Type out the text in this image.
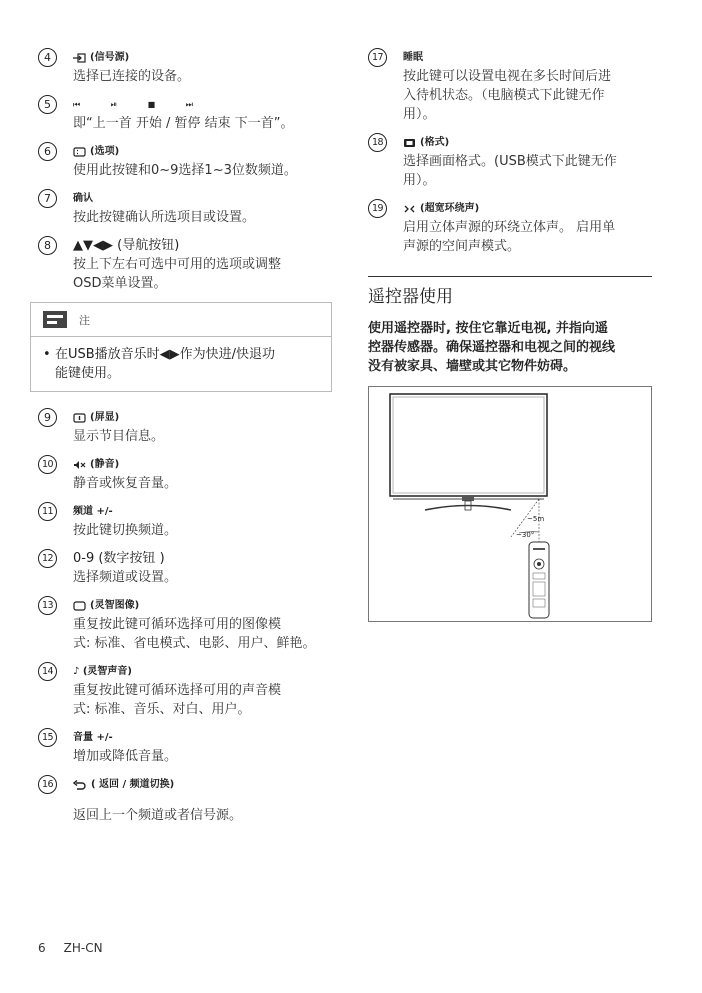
4	(信号源)
选择已连接的设备。
5	⏮ ⏯ ■ ⏭
即“上一首 开始 / 暂停 结束 下一首”。
6	(选项)
使用此按键和0~9选择1~3位数频道。
7	确认
按此按键确认所选项目或设置。
8	▲▼◀▶ (导航按钮)
按上下左右可选中可用的选项或调整
OSD菜单设置。
注
• 在USB播放音乐时◀▶作为快进/快退功
能键使用。
9	(屏显)
显示节目信息。
10	(静音)
静音或恢复音量。
11	频道 +/-
按此键切换频道。
12	0-9 (数字按钮 )
选择频道或设置。
13	(灵智图像)
重复按此键可循环选择可用的图像模
式: 标准、省电模式、电影、用户、鲜艳。
14	♪ (灵智声音)
重复按此键可循环选择可用的声音模
式: 标准、音乐、对白、用户。
15	音量 +/-
增加或降低音量。
16	( 返回 / 频道切换)
返回上一个频道或者信号源。
17	睡眠
按此键可以设置电视在多长时间后进
入待机状态。（电脑模式下此键无作
用）。
18	(格式)
选择画面格式。(USB模式下此键无作
用）。
19	(超宽环绕声)
启用立体声源的环绕立体声。 启用单
声源的空间声模式。
遥控器使用
使用遥控器时, 按住它靠近电视, 并指向遥
控器传感器。确保遥控器和电视之间的视线
没有被家具、墙壁或其它物件妨碍。
~5m
~30°
6 ZH-CN
